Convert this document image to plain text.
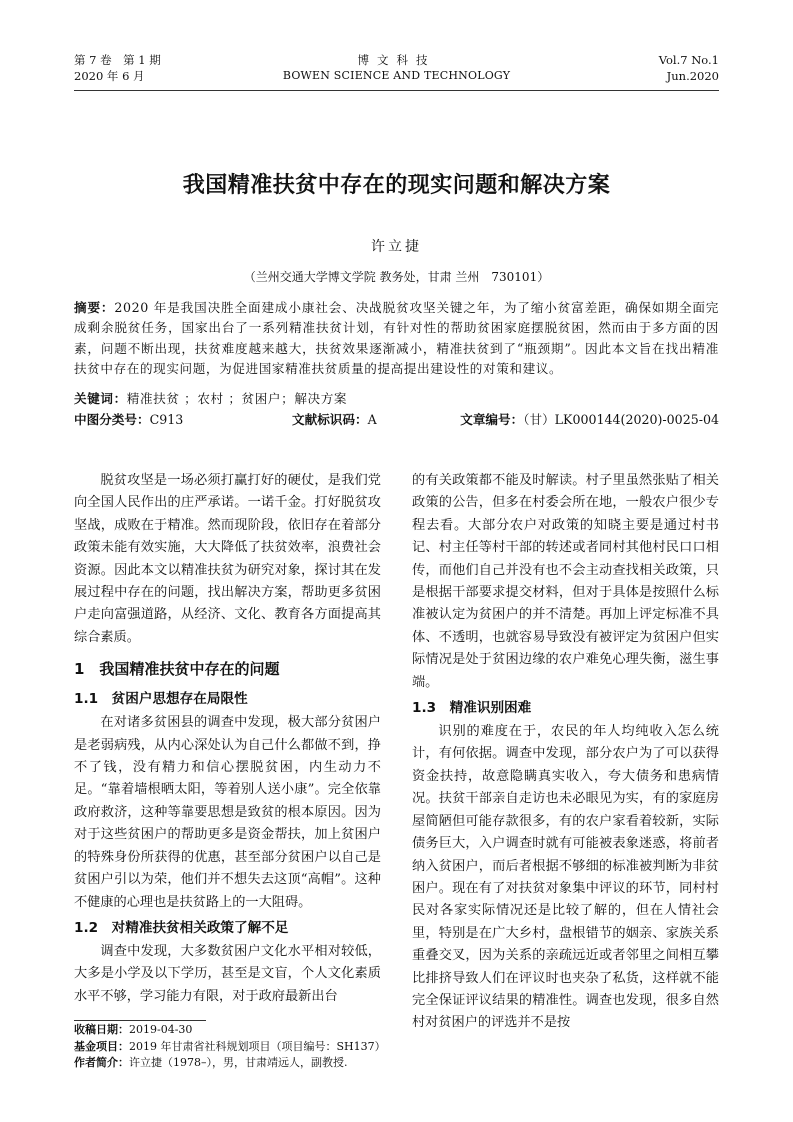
第 7 卷　第 1 期
2020 年 6 月
博文科技
BOWEN SCIENCE AND TECHNOLOGY
Vol.7 No.1
Jun.2020
我国精准扶贫中存在的现实问题和解决方案
许立捷
（兰州交通大学博文学院 教务处，甘肃 兰州　730101）
摘要：2020 年是我国决胜全面建成小康社会、决战脱贫攻坚关键之年，为了缩小贫富差距，确保如期全面完成剩余脱贫任务，国家出台了一系列精准扶贫计划，有针对性的帮助贫困家庭摆脱贫困，然而由于多方面的因素，问题不断出现，扶贫难度越来越大，扶贫效果逐渐减小，精准扶贫到了“瓶颈期”。因此本文旨在找出精准扶贫中存在的现实问题，为促进国家精准扶贫质量的提高提出建设性的对策和建议。
关键词：精准扶贫 ；农村 ；贫困户；解决方案
中图分类号：C913	文献标识码：A	文章编号：（甘）LK000144(2020)-0025-04

脱贫攻坚是一场必须打赢打好的硬仗，是我们党向全国人民作出的庄严承诺。一诺千金。打好脱贫攻坚战，成败在于精准。然而现阶段，依旧存在着部分政策未能有效实施，大大降低了扶贫效率，浪费社会资源。因此本文以精准扶贫为研究对象，探讨其在发展过程中存在的问题，找出解决方案，帮助更多贫困户走向富强道路，从经济、文化、教育各方面提高其综合素质。

1　我国精准扶贫中存在的问题
1.1　贫困户思想存在局限性

在对诸多贫困县的调查中发现，极大部分贫困户是老弱病残，从内心深处认为自己什么都做不到，挣不了钱，没有精力和信心摆脱贫困，内生动力不足。“靠着墙根晒太阳，等着别人送小康”。完全依靠政府救济，这种等靠要思想是致贫的根本原因。因为对于这些贫困户的帮助更多是资金帮扶，加上贫困户的特殊身份所获得的优惠，甚至部分贫困户以自己是贫困户引以为荣，他们并不想失去这顶“高帽”。这种不健康的心理也是扶贫路上的一大阻碍。

1.2　对精准扶贫相关政策了解不足

调查中发现，大多数贫困户文化水平相对较低，大多是小学及以下学历，甚至是文盲，个人文化素质水平不够，学习能力有限，对于政府最新出台

的有关政策都不能及时解读。村子里虽然张贴了相关政策的公告，但多在村委会所在地，一般农户很少专程去看。大部分农户对政策的知晓主要是通过村书记、村主任等村干部的转述或者同村其他村民口口相传，而他们自己并没有也不会主动查找相关政策，只是根据干部要求提交材料，但对于具体是按照什么标准被认定为贫困户的并不清楚。再加上评定标准不具体、不透明，也就容易导致没有被评定为贫困户但实际情况是处于贫困边缘的农户难免心理失衡，滋生事端。

1.3　精准识别困难

识别的难度在于，农民的年人均纯收入怎么统计，有何依据。调查中发现，部分农户为了可以获得资金扶持，故意隐瞒真实收入，夸大债务和患病情况。扶贫干部亲自走访也未必眼见为实，有的家庭房屋简陋但可能存款很多，有的农户家看着较新，实际债务巨大，入户调查时就有可能被表象迷惑，将前者纳入贫困户，而后者根据不够细的标准被判断为非贫困户。现在有了对扶贫对象集中评议的环节，同村村民对各家实际情况还是比较了解的，但在人情社会里，特别是在广大乡村，盘根错节的姻亲、家族关系重叠交叉，因为关系的亲疏远近或者邻里之间相互攀比排挤导致人们在评议时也夹杂了私货，这样就不能完全保证评议结果的精准性。调查也发现，很多自然村对贫困户的评选并不是按

收稿日期：2019-04-30
基金项目：2019 年甘肃省社科规划项目（项目编号：SH137）
作者简介：许立捷（1978–），男，甘肃靖远人，副教授.
